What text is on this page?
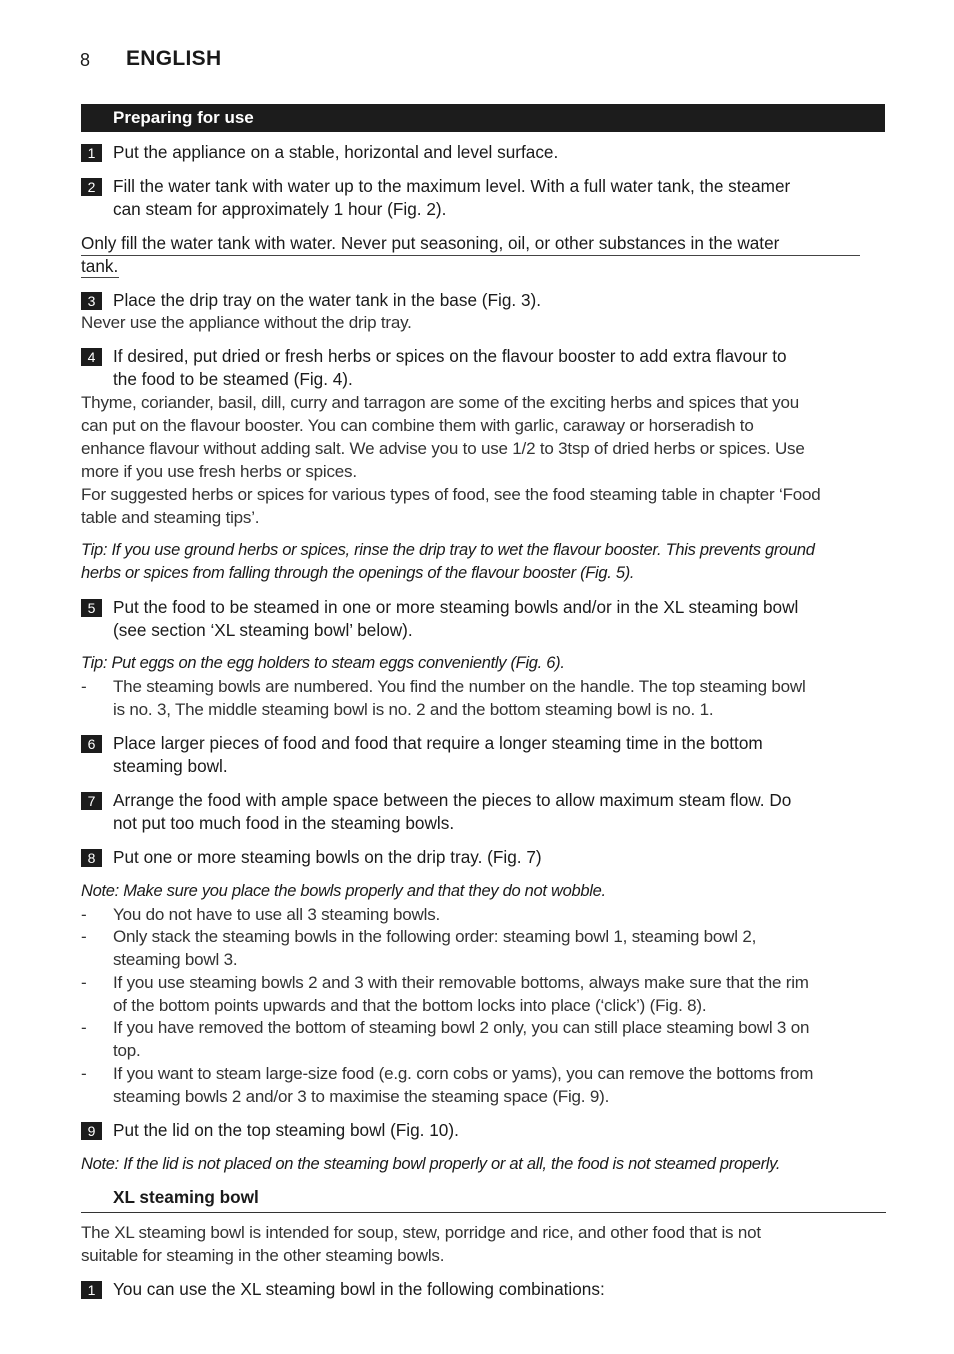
8 ENGLISH
Preparing for use
1	Put the appliance on a stable, horizontal and level surface.
2	Fill the water tank with water up to the maximum level. With a full water tank, the steamer
can steam for approximately 1 hour (Fig. 2).
Only fill the water tank with water. Never put seasoning, oil, or other substances in the water
tank.
3	Place the drip tray on the water tank in the base (Fig. 3).
Never use the appliance without the drip tray.
4	If desired, put dried or fresh herbs or spices on the flavour booster to add extra flavour to
the food to be steamed (Fig. 4).
Thyme, coriander, basil, dill, curry and tarragon are some of the exciting herbs and spices that you
can put on the flavour booster. You can combine them with garlic, caraway or horseradish to
enhance flavour without adding salt. We advise you to use 1/2 to 3tsp of dried herbs or spices. Use
more if you use fresh herbs or spices.
For suggested herbs or spices for various types of food, see the food steaming table in chapter ‘Food
table and steaming tips’.
Tip: If you use ground herbs or spices, rinse the drip tray to wet the flavour booster. This prevents ground
herbs or spices from falling through the openings of the flavour booster (Fig. 5).
5	Put the food to be steamed in one or more steaming bowls and/or in the XL steaming bowl
(see section ‘XL steaming bowl’ below).
Tip: Put eggs on the egg holders to steam eggs conveniently (Fig. 6).
-	The steaming bowls are numbered. You find the number on the handle. The top steaming bowl
is no. 3, The middle steaming bowl is no. 2 and the bottom steaming bowl is no. 1.
6	Place larger pieces of food and food that require a longer steaming time in the bottom
steaming bowl.
7	Arrange the food with ample space between the pieces to allow maximum steam flow. Do
not put too much food in the steaming bowls.
8	Put one or more steaming bowls on the drip tray. (Fig. 7)
Note: Make sure you place the bowls properly and that they do not wobble.
-	You do not have to use all 3 steaming bowls.
-	Only stack the steaming bowls in the following order: steaming bowl 1, steaming bowl 2,
steaming bowl 3.
-	If you use steaming bowls 2 and 3 with their removable bottoms, always make sure that the rim
of the bottom points upwards and that the bottom locks into place (‘click’) (Fig. 8).
-	If you have removed the bottom of steaming bowl 2 only, you can still place steaming bowl 3 on
top.
-	If you want to steam large-size food (e.g. corn cobs or yams), you can remove the bottoms from
steaming bowls 2 and/or 3 to maximise the steaming space (Fig. 9).
9	Put the lid on the top steaming bowl (Fig. 10).
Note: If the lid is not placed on the steaming bowl properly or at all, the food is not steamed properly.
XL steaming bowl
The XL steaming bowl is intended for soup, stew, porridge and rice, and other food that is not
suitable for steaming in the other steaming bowls.
1	You can use the XL steaming bowl in the following combinations:
